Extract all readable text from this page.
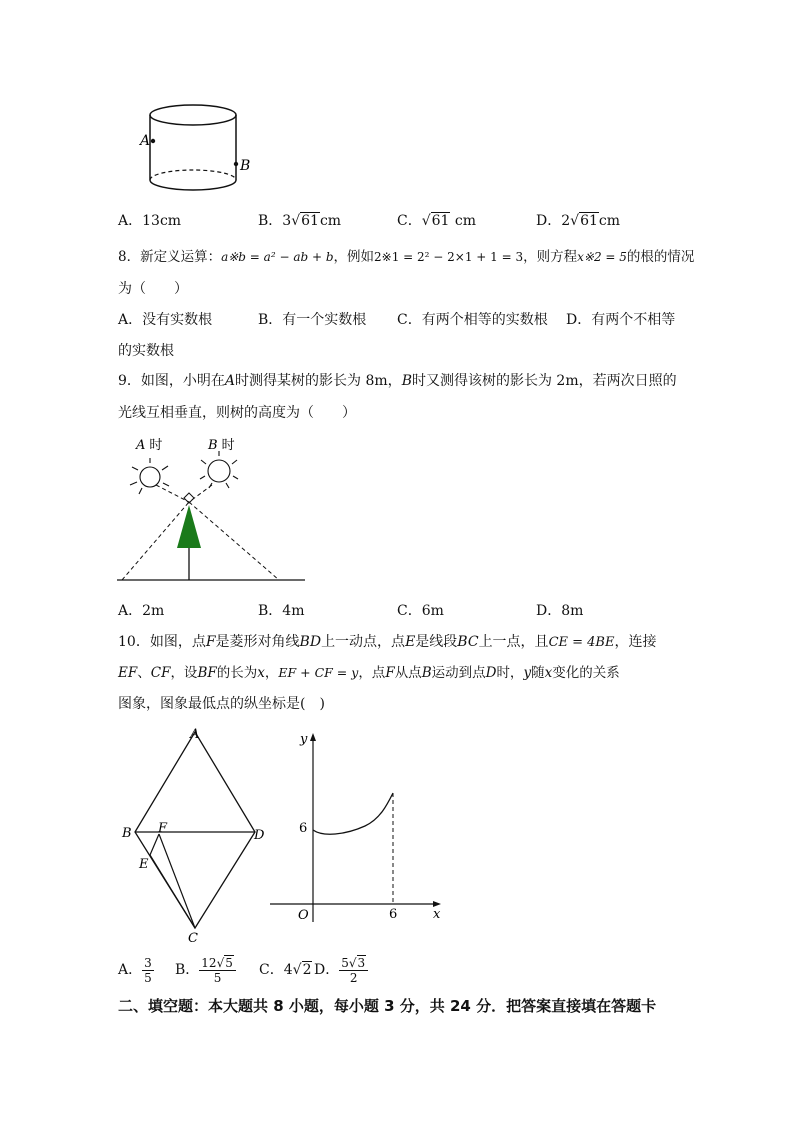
A
B
A．13cm	B．3√61cm	C．√61 cm	D．2√61cm
8．新定义运算：a※b = a² − ab + b，例如2※1 = 2² − 2×1 + 1 = 3，则方程x※2 = 5的根的情况
为（　　）
A．没有实数根	B．有一个实数根 C．有两个相等的实数根 D．有两个不相等
的实数根
9．如图，小明在A时测得某树的影长为 8m，B时又测得该树的影长为 2m，若两次日照的
光线互相垂直，则树的高度为（　　）
A 时	B 时
A．2m	B．4m	C．6m	D．8m
10．如图，点F是菱形对角线BD上一动点，点E是线段BC上一点，且CE = 4BE，连接
EF、CF，设BF的长为x，EF + CF = y，点F从点B运动到点D时，y随x变化的关系
图象，图象最低点的纵坐标是(　)
A
B
C
D
E
F
y
x
O
6
6
A． $\frac{3}{5}$ B． $\frac{12√5}{5}$ C．4√2 D． $\frac{5√3}{2}$
二、填空题：本大题共 8 小题，每小题 3 分，共 24 分．把答案直接填在答题卡
